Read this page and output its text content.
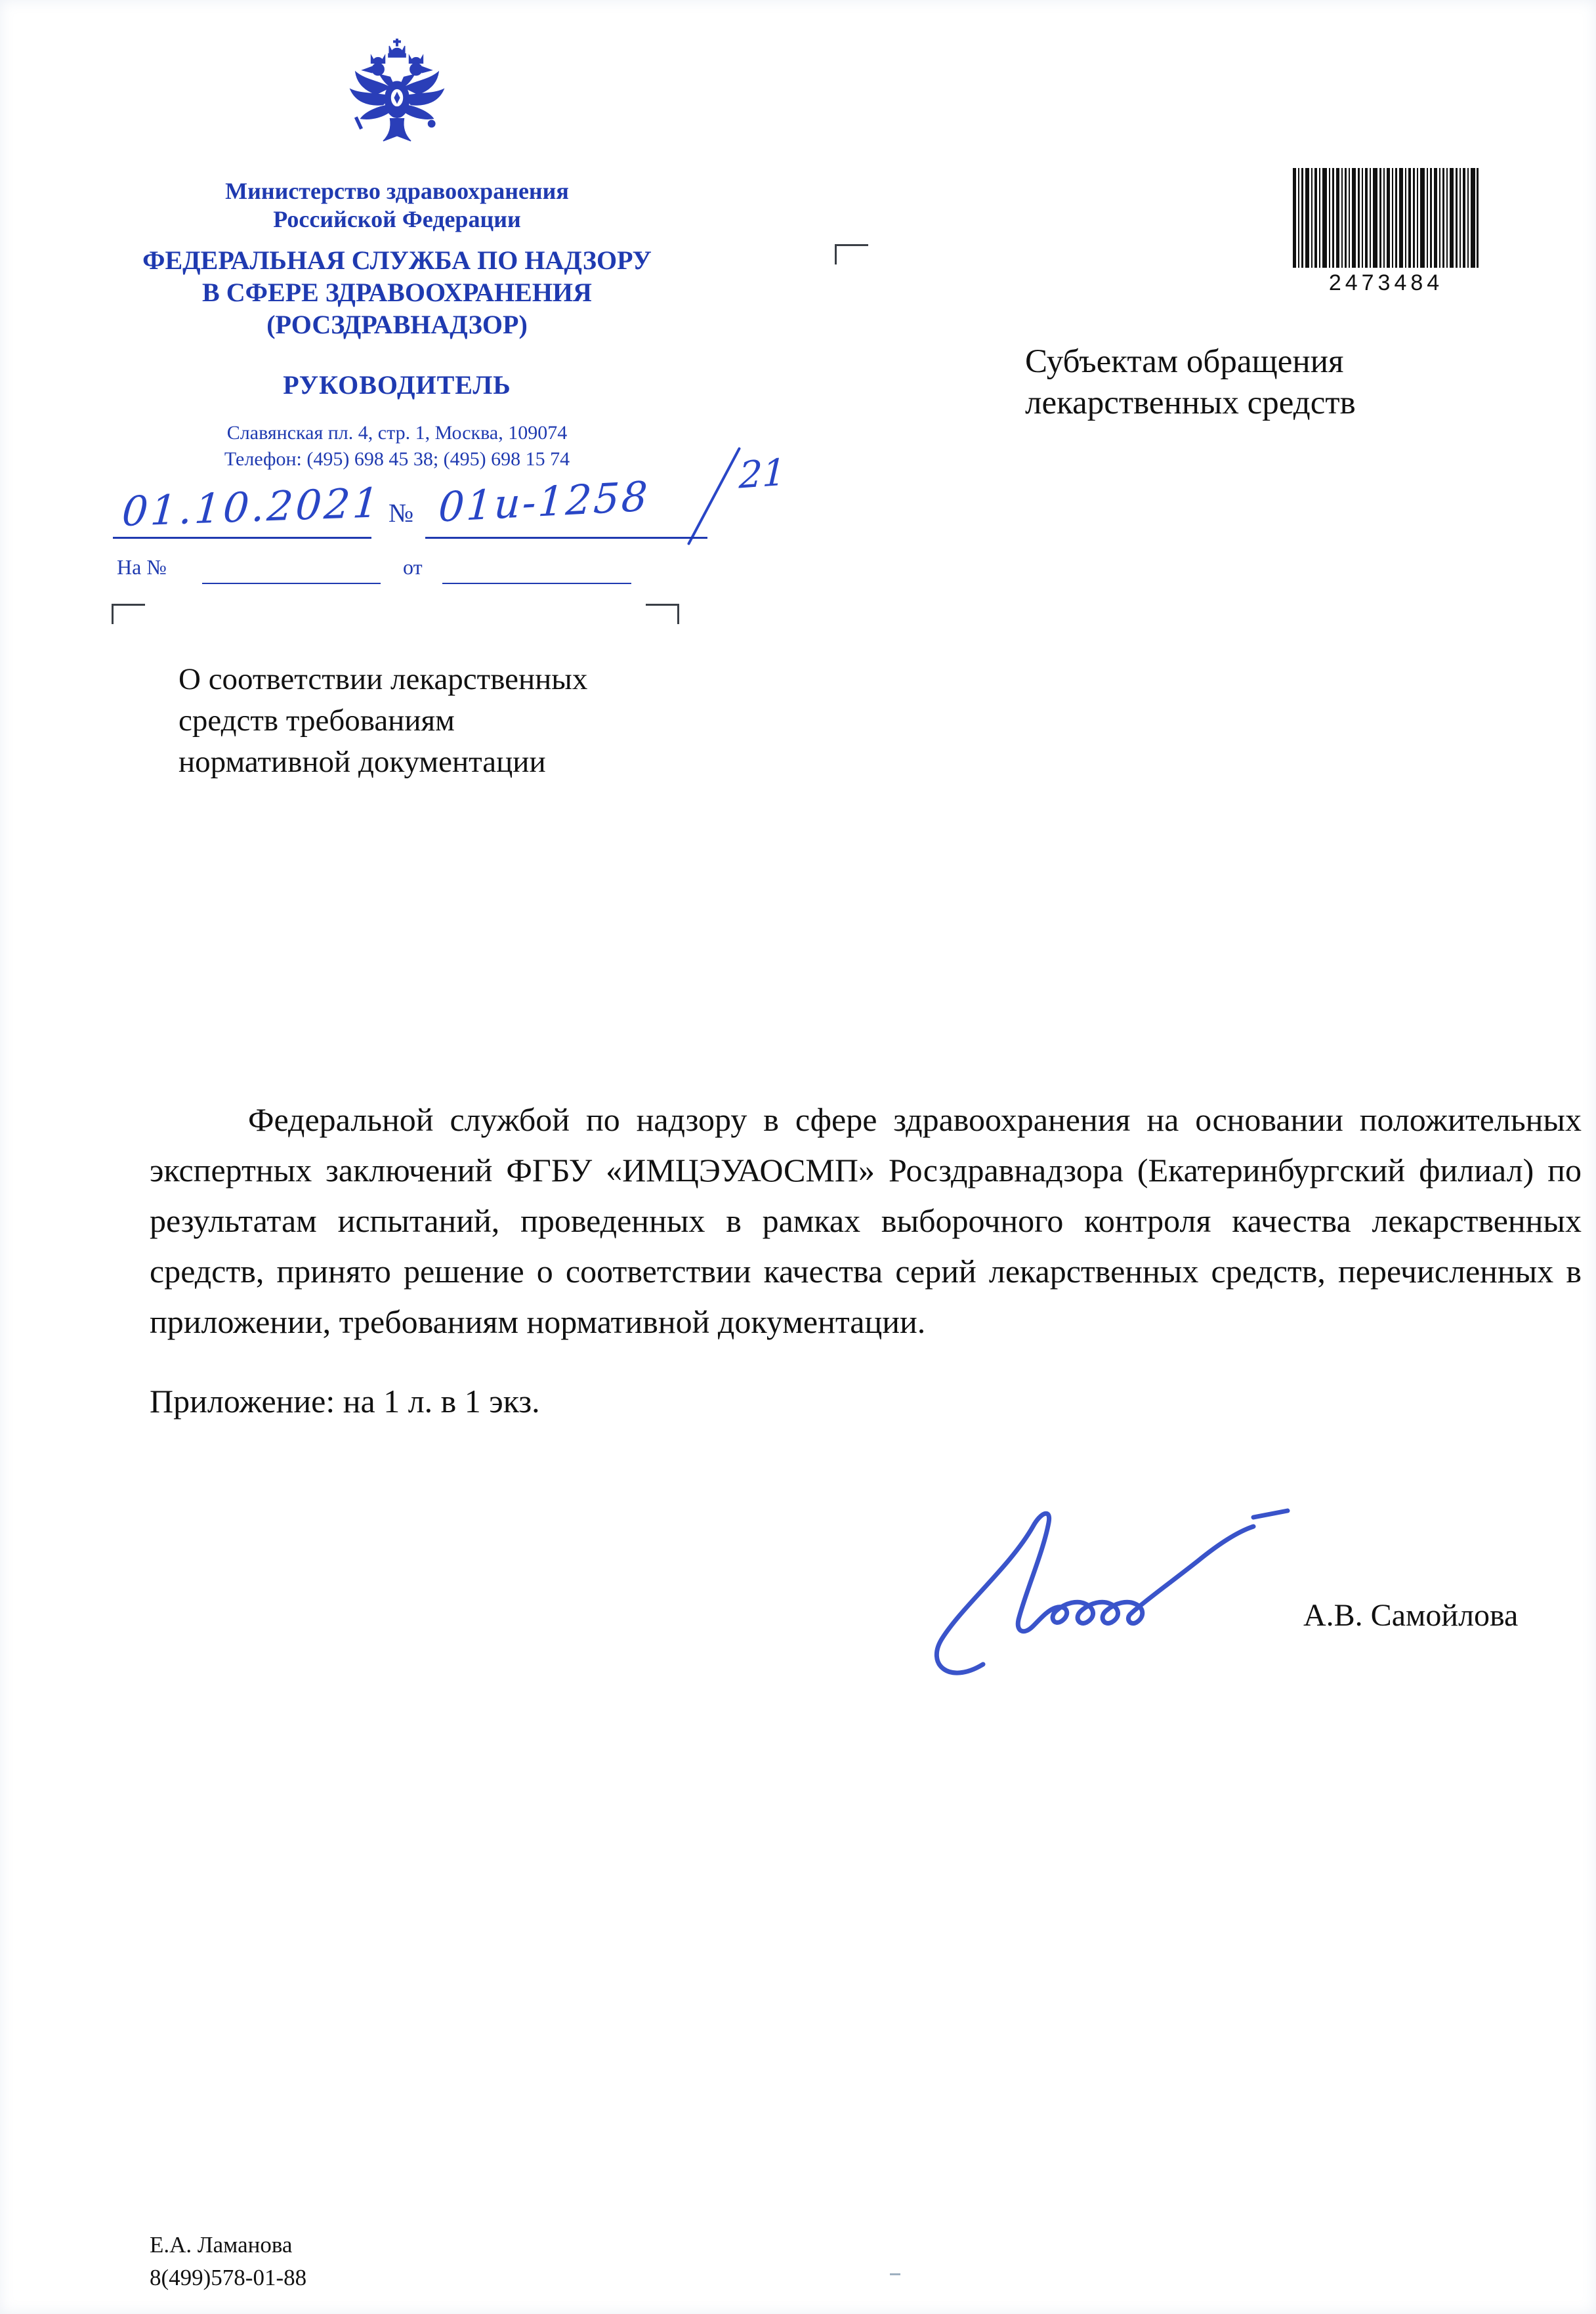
Министерство здравоохранения
Российской Федерации
ФЕДЕРАЛЬНАЯ СЛУЖБА ПО НАДЗОРУ
В СФЕРЕ ЗДРАВООХРАНЕНИЯ
(РОСЗДРАВНАДЗОР)
РУКОВОДИТЕЛЬ
Славянская пл. 4, стр. 1, Москва, 109074
Телефон: (495) 698 45 38; (495) 698 15 74
01.10.2021 № 01и-1258 21
На №	от
2473484
Субъектам обращения
лекарственных средств
О соответствии лекарственных
средств требованиям
нормативной документации

Федеральной службой по надзору в сфере здравоохранения на основании положительных экспертных заключений ФГБУ «ИМЦЭУАОСМП» Росздравнадзора (Екатеринбургский филиал) по результатам испытаний, проведенных в рамках выборочного контроля качества лекарственных средств, принято решение о соответствии качества серий лекарственных средств, перечисленных в приложении, требованиям нормативной документации.

Приложение: на 1 л. в 1 экз.

А.В. Самойлова
Е.А. Ламанова
8(499)578-01-88
